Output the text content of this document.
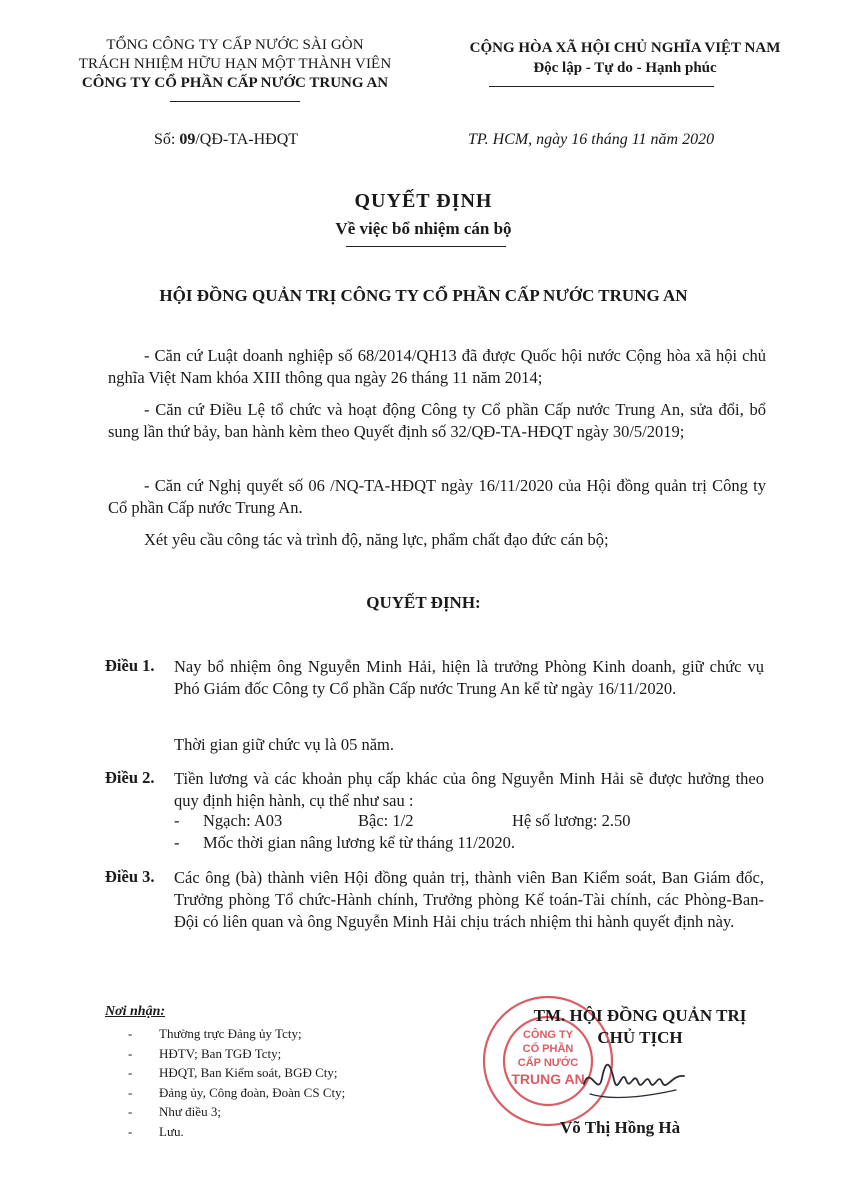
TỔNG CÔNG TY CẤP NƯỚC SÀI GÒN
TRÁCH NHIỆM HỮU HẠN MỘT THÀNH VIÊN
CÔNG TY CỔ PHẦN CẤP NƯỚC TRUNG AN
CỘNG HÒA XÃ HỘI CHỦ NGHĨA VIỆT NAM
Độc lập - Tự do - Hạnh phúc
Số: 09/QĐ-TA-HĐQT	TP. HCM, ngày 16 tháng 11 năm 2020
QUYẾT ĐỊNH
Về việc bổ nhiệm cán bộ
HỘI ĐỒNG QUẢN TRỊ CÔNG TY CỔ PHẦN CẤP NƯỚC TRUNG AN
- Căn cứ Luật doanh nghiệp số 68/2014/QH13 đã được Quốc hội nước Cộng hòa xã hội chủ nghĩa Việt Nam khóa XIII thông qua ngày 26 tháng 11 năm 2014;
- Căn cứ Điều Lệ tổ chức và hoạt động Công ty Cổ phần Cấp nước Trung An, sửa đổi, bổ sung lần thứ bảy, ban hành kèm theo Quyết định số 32/QĐ-TA-HĐQT ngày 30/5/2019;
- Căn cứ Nghị quyết số 06 /NQ-TA-HĐQT ngày 16/11/2020 của Hội đồng quản trị Công ty Cổ phần Cấp nước Trung An.
Xét yêu cầu công tác và trình độ, năng lực, phẩm chất đạo đức cán bộ;
QUYẾT ĐỊNH:
Điều 1. Nay bổ nhiệm ông Nguyễn Minh Hải, hiện là trưởng Phòng Kinh doanh, giữ chức vụ Phó Giám đốc Công ty Cổ phần Cấp nước Trung An kể từ ngày 16/11/2020.
Thời gian giữ chức vụ là 05 năm.
Điều 2. Tiền lương và các khoản phụ cấp khác của ông Nguyễn Minh Hải sẽ được hưởng theo quy định hiện hành, cụ thể như sau :
- Ngạch: A03	Bậc: 1/2	Hệ số lương: 2.50
- Mốc thời gian nâng lương kể từ tháng 11/2020.
Điều 3. Các ông (bà) thành viên Hội đồng quản trị, thành viên Ban Kiểm soát, Ban Giám đốc, Trưởng phòng Tổ chức-Hành chính, Trưởng phòng Kế toán-Tài chính, các Phòng-Ban-Đội có liên quan và ông Nguyễn Minh Hải chịu trách nhiệm thi hành quyết định này.
Nơi nhận:
- Thường trực Đảng ủy Tcty;
- HĐTV; Ban TGĐ Tcty;
- HĐQT, Ban Kiểm soát, BGĐ Cty;
- Đảng ủy, Công đoàn, Đoàn CS Cty;
- Như điều 3;
- Lưu.
CÔNG TY
CỔ PHẦN
CẤP NƯỚC
TRUNG AN
TM. HỘI ĐỒNG QUẢN TRỊ
CHỦ TỊCH
Võ Thị Hồng Hà
